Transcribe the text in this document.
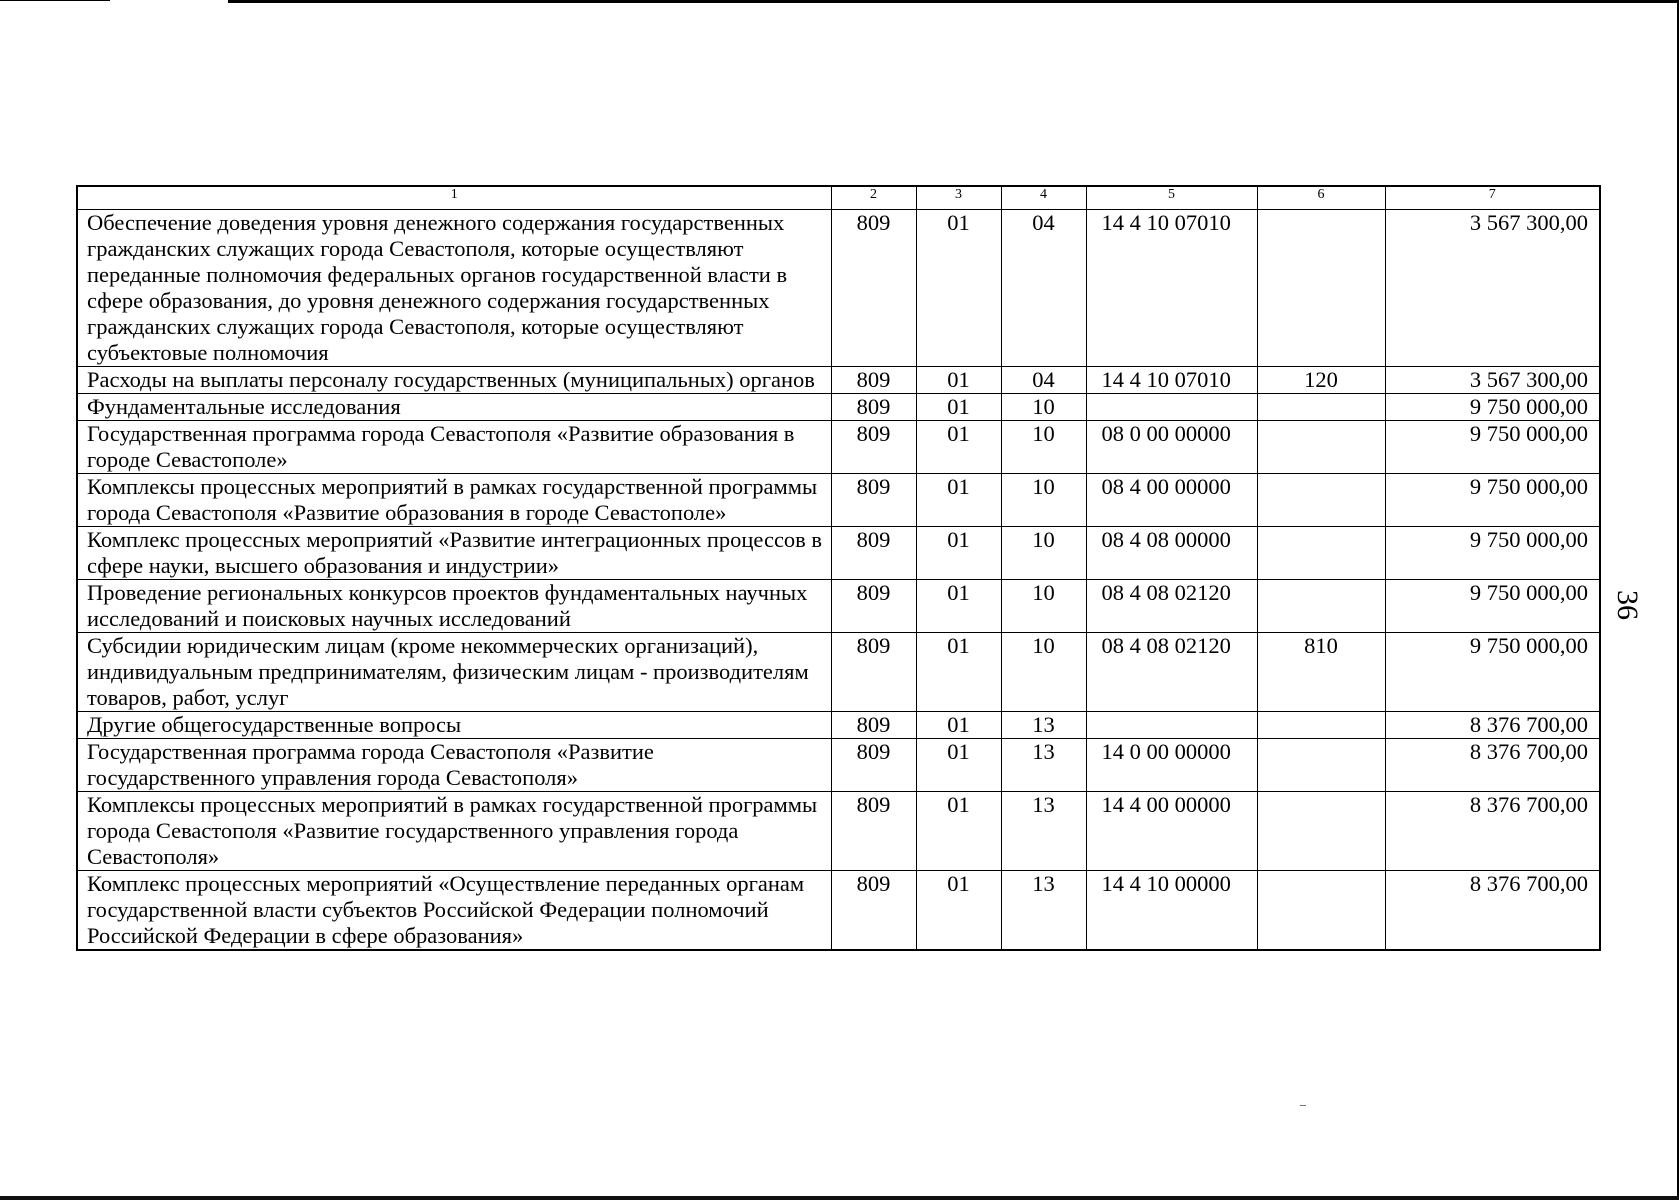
36
1	2	3	4	5	6	7
Обеспечение доведения уровня денежного содержания государственных гражданских служащих города Севастополя, которые осуществляют переданные полномочия федеральных органов государственной власти в сфере образования, до уровня денежного содержания государственных гражданских служащих города Севастополя, которые осуществляют субъектовые полномочия	809	01	04	14 4 10 07010		3 567 300,00
Расходы на выплаты персоналу государственных (муниципальных) органов	809	01	04	14 4 10 07010	120	3 567 300,00
Фундаментальные исследования	809	01	10			9 750 000,00
Государственная программа города Севастополя «Развитие образования в городе Севастополе»	809	01	10	08 0 00 00000		9 750 000,00
Комплексы процессных мероприятий в рамках государственной программы города Севастополя «Развитие образования в городе Севастополе»	809	01	10	08 4 00 00000		9 750 000,00
Комплекс процессных мероприятий «Развитие интеграционных процессов в сфере науки, высшего образования и индустрии»	809	01	10	08 4 08 00000		9 750 000,00
Проведение региональных конкурсов проектов фундаментальных научных исследований и поисковых научных исследований	809	01	10	08 4 08 02120		9 750 000,00
Субсидии юридическим лицам (кроме некоммерческих организаций), индивидуальным предпринимателям, физическим лицам - производителям товаров, работ, услуг	809	01	10	08 4 08 02120	810	9 750 000,00
Другие общегосударственные вопросы	809	01	13			8 376 700,00
Государственная программа города Севастополя «Развитие государственного управления города Севастополя»	809	01	13	14 0 00 00000		8 376 700,00
Комплексы процессных мероприятий в рамках государственной программы города Севастополя «Развитие государственного управления города Севастополя»	809	01	13	14 4 00 00000		8 376 700,00
Комплекс процессных мероприятий «Осуществление переданных органам государственной власти субъектов Российской Федерации полномочий Российской Федерации в сфере образования»	809	01	13	14 4 10 00000		8 376 700,00
